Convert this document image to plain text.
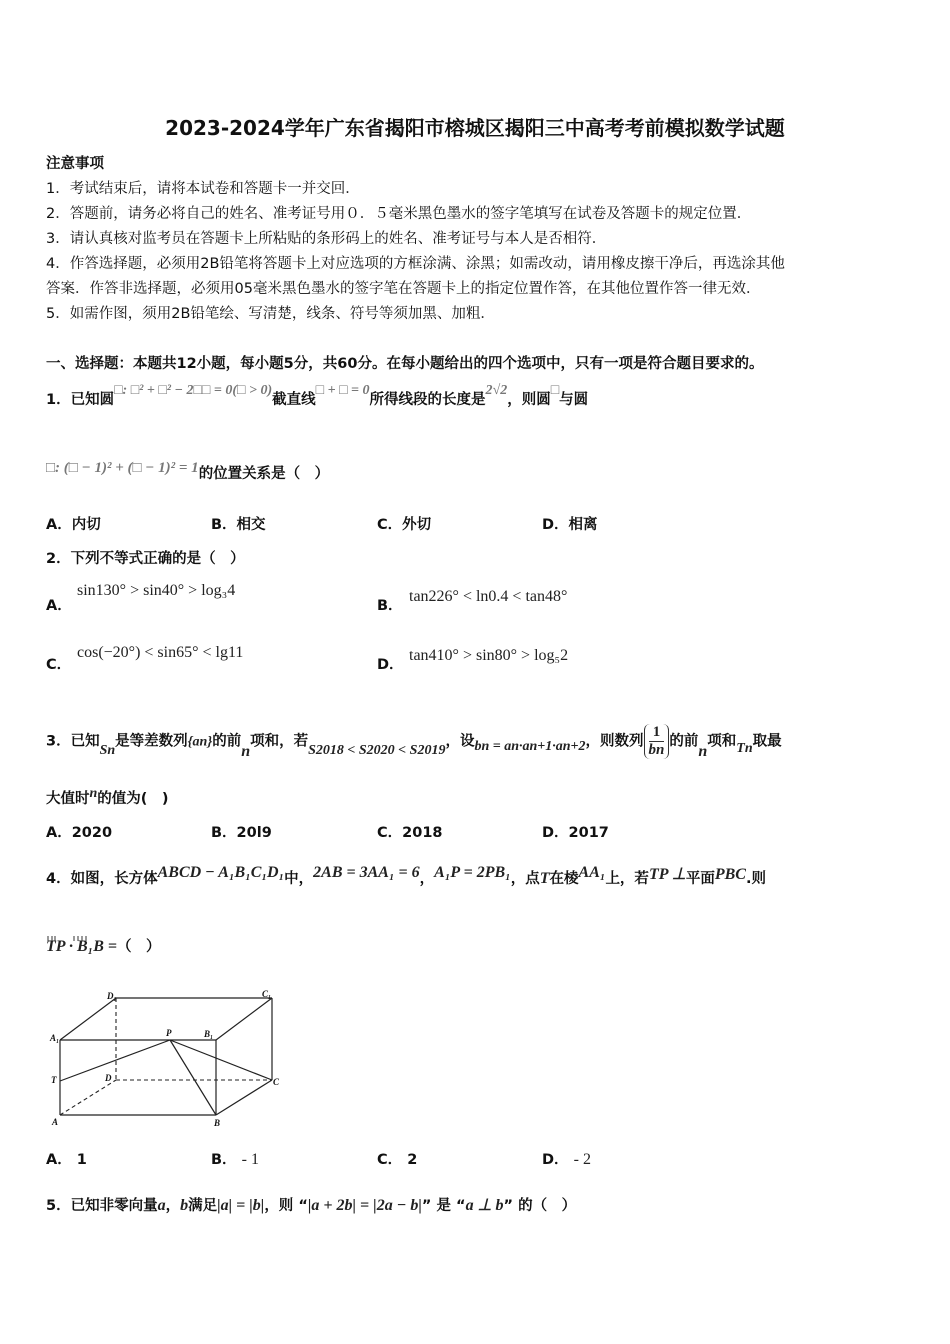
2023-2024学年广东省揭阳市榕城区揭阳三中高考考前模拟数学试题
注意事项
1．考试结束后，请将本试卷和答题卡一并交回．
2．答题前，请务必将自己的姓名、准考证号用０．５毫米黑色墨水的签字笔填写在试卷及答题卡的规定位置．
3．请认真核对监考员在答题卡上所粘贴的条形码上的姓名、准考证号与本人是否相符．
4．作答选择题，必须用2B铅笔将答题卡上对应选项的方框涂满、涂黑；如需改动，请用橡皮擦干净后，再选涂其他
答案．作答非选择题，必须用05毫米黑色墨水的签字笔在答题卡上的指定位置作答，在其他位置作答一律无效．
5．如需作图，须用2B铅笔绘、写清楚，线条、符号等须加黑、加粗．
一、选择题：本题共12小题，每小题5分，共60分。在每小题给出的四个选项中，只有一项是符合题目要求的。
1．已知圆□: □² + □² − 2□□ = 0(□ > 0)截直线□ + □ = 0所得线段的长度是2√2，则圆□与圆
□: (□ − 1)² + (□ − 1)² = 1的位置关系是（　）
A．内切	B．相交	C．外切	D．相离
2．下列不等式正确的是（　）
A．
sin130° > sin40° > log₃4
B．
tan226° < ln0.4 < tan48°
C．
cos(−20°) < sin65° < lg11
D．
tan410° > sin80° > log₅2
3．已知Sn是等差数列{an}的前n项和，若S2018 < S2020 < S2019，设bn = an·an+1·an+2，则数列 $\frac{1}{bn}$ 的前n项和Tn取最
大值时n的值为(　)
A．2020	B．20l9	C．2018	D．2017
4．如图，长方体ABCD − A₁B₁C₁D₁中，2AB = 3AA₁ = 6，A₁P = 2PB₁，点T在棱AA₁上，若TP ⊥平面PBC.则
TP · B₁B =（　）
D₁	C₁
A₁	P	B₁
T	D	C
A	B
A． 1	B． - 1	C． 2	D． - 2
5．已知非零向量a，b满足|a| = |b|，则 “|a + 2b| = |2a − b|” 是 “a ⊥ b” 的（　）
